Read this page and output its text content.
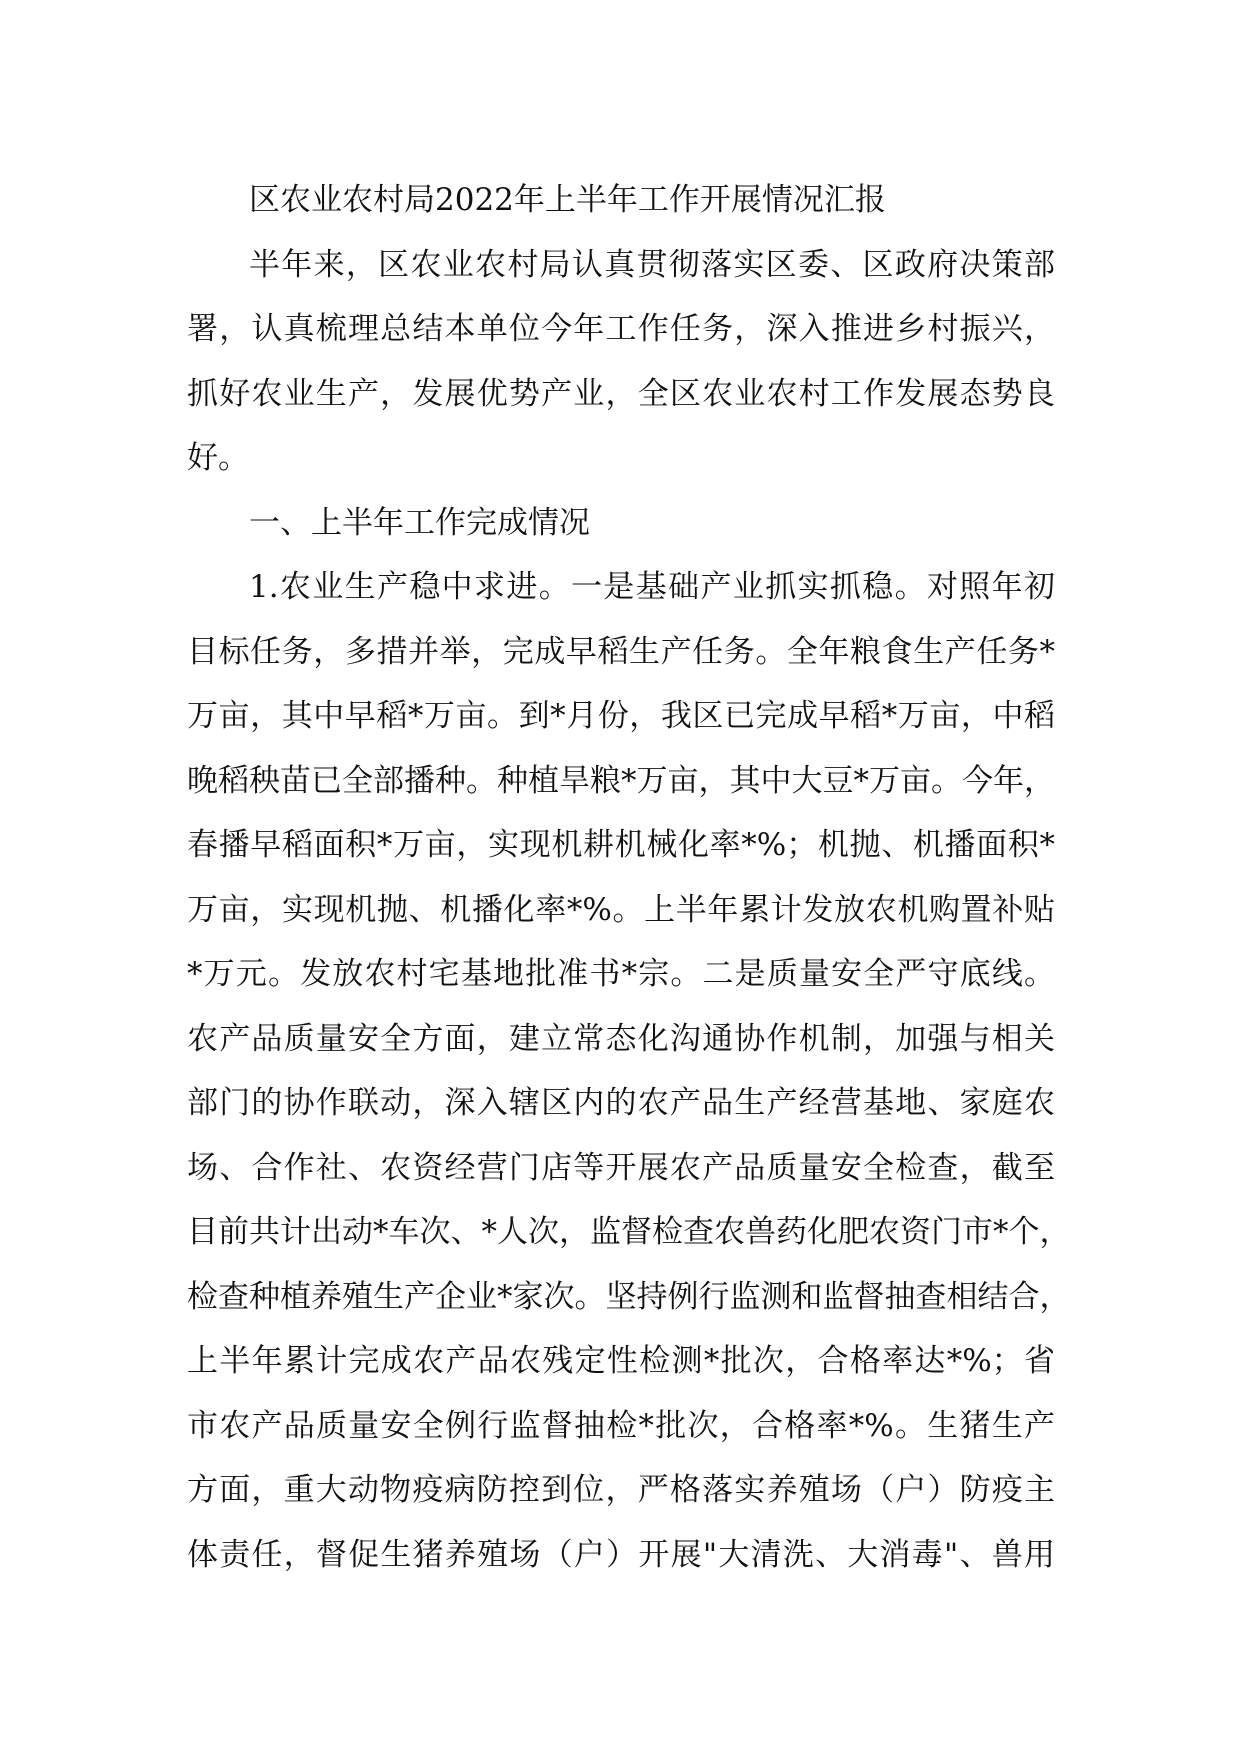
区农业农村局2022年上半年工作开展情况汇报
半年来，区农业农村局认真贯彻落实区委、区政府决策部
署，认真梳理总结本单位今年工作任务，深入推进乡村振兴，
抓好农业生产，发展优势产业，全区农业农村工作发展态势良
好。
一、上半年工作完成情况
1.农业生产稳中求进。一是基础产业抓实抓稳。对照年初
目标任务，多措并举，完成早稻生产任务。全年粮食生产任务*
万亩，其中早稻*万亩。到*月份，我区已完成早稻*万亩，中稻
晚稻秧苗已全部播种。种植旱粮*万亩，其中大豆*万亩。今年，
春播早稻面积*万亩，实现机耕机械化率*%；机抛、机播面积*
万亩，实现机抛、机播化率*%。上半年累计发放农机购置补贴
*万元。发放农村宅基地批准书*宗。二是质量安全严守底线。
农产品质量安全方面，建立常态化沟通协作机制，加强与相关
部门的协作联动，深入辖区内的农产品生产经营基地、家庭农
场、合作社、农资经营门店等开展农产品质量安全检查，截至
目前共计出动*车次、*人次，监督检查农兽药化肥农资门市*个，
检查种植养殖生产企业*家次。坚持例行监测和监督抽查相结合，
上半年累计完成农产品农残定性检测*批次，合格率达*%；省
市农产品质量安全例行监督抽检*批次，合格率*%。生猪生产
方面，重大动物疫病防控到位，严格落实养殖场（户）防疫主
体责任，督促生猪养殖场（户）开展"大清洗、大消毒"、兽用
